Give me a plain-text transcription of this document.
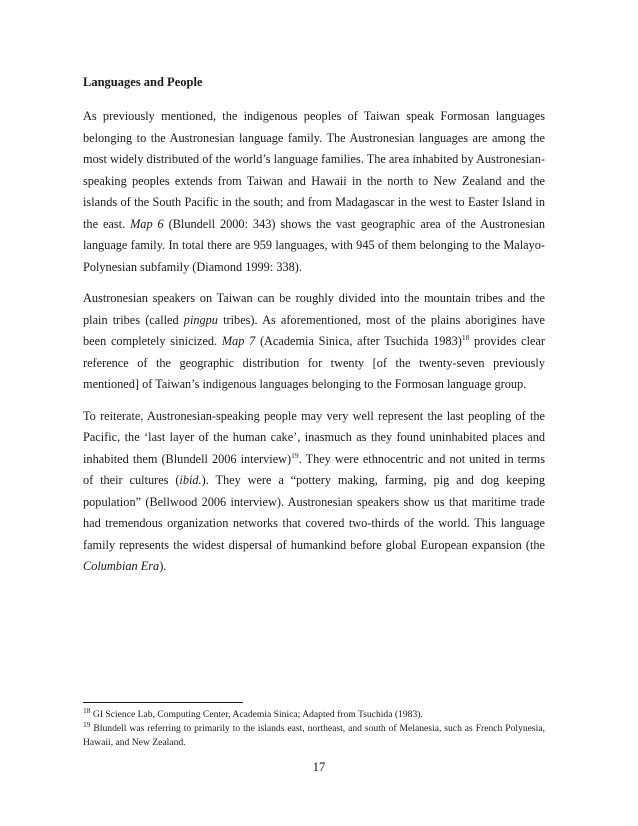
Languages and People

As previously mentioned, the indigenous peoples of Taiwan speak Formosan languages belonging to the Austronesian language family. The Austronesian languages are among the most widely distributed of the world’s language families. The area inhabited by Austronesian-speaking peoples extends from Taiwan and Hawaii in the north to New Zealand and the islands of the South Pacific in the south; and from Madagascar in the west to Easter Island in the east. Map 6 (Blundell 2000: 343) shows the vast geographic area of the Austronesian language family. In total there are 959 languages, with 945 of them belonging to the Malayo-Polynesian subfamily (Diamond 1999: 338).

Austronesian speakers on Taiwan can be roughly divided into the mountain tribes and the plain tribes (called pingpu tribes). As aforementioned, most of the plains aborigines have been completely sinicized. Map 7 (Academia Sinica, after Tsuchida 1983)$^{18}$ provides clear reference of the geographic distribution for twenty [of the twenty-seven previously mentioned] of Taiwan’s indigenous languages belonging to the Formosan language group.

To reiterate, Austronesian-speaking people may very well represent the last peopling of the Pacific, the ‘last layer of the human cake’, inasmuch as they found uninhabited places and inhabited them (Blundell 2006 interview)$^{19}$. They were ethnocentric and not united in terms of their cultures (ibid.). They were a “pottery making, farming, pig and dog keeping population” (Bellwood 2006 interview). Austronesian speakers show us that maritime trade had tremendous organization networks that covered two-thirds of the world. This language family represents the widest dispersal of humankind before global European expansion (the Columbian Era).

$^{18}$ GI Science Lab, Computing Center, Academia Sinica; Adapted from Tsuchida (1983).

$^{19}$ Blundell was referring to primarily to the islands east, northeast, and south of Melanesia, such as French Polynesia, Hawaii, and New Zealand.

17
